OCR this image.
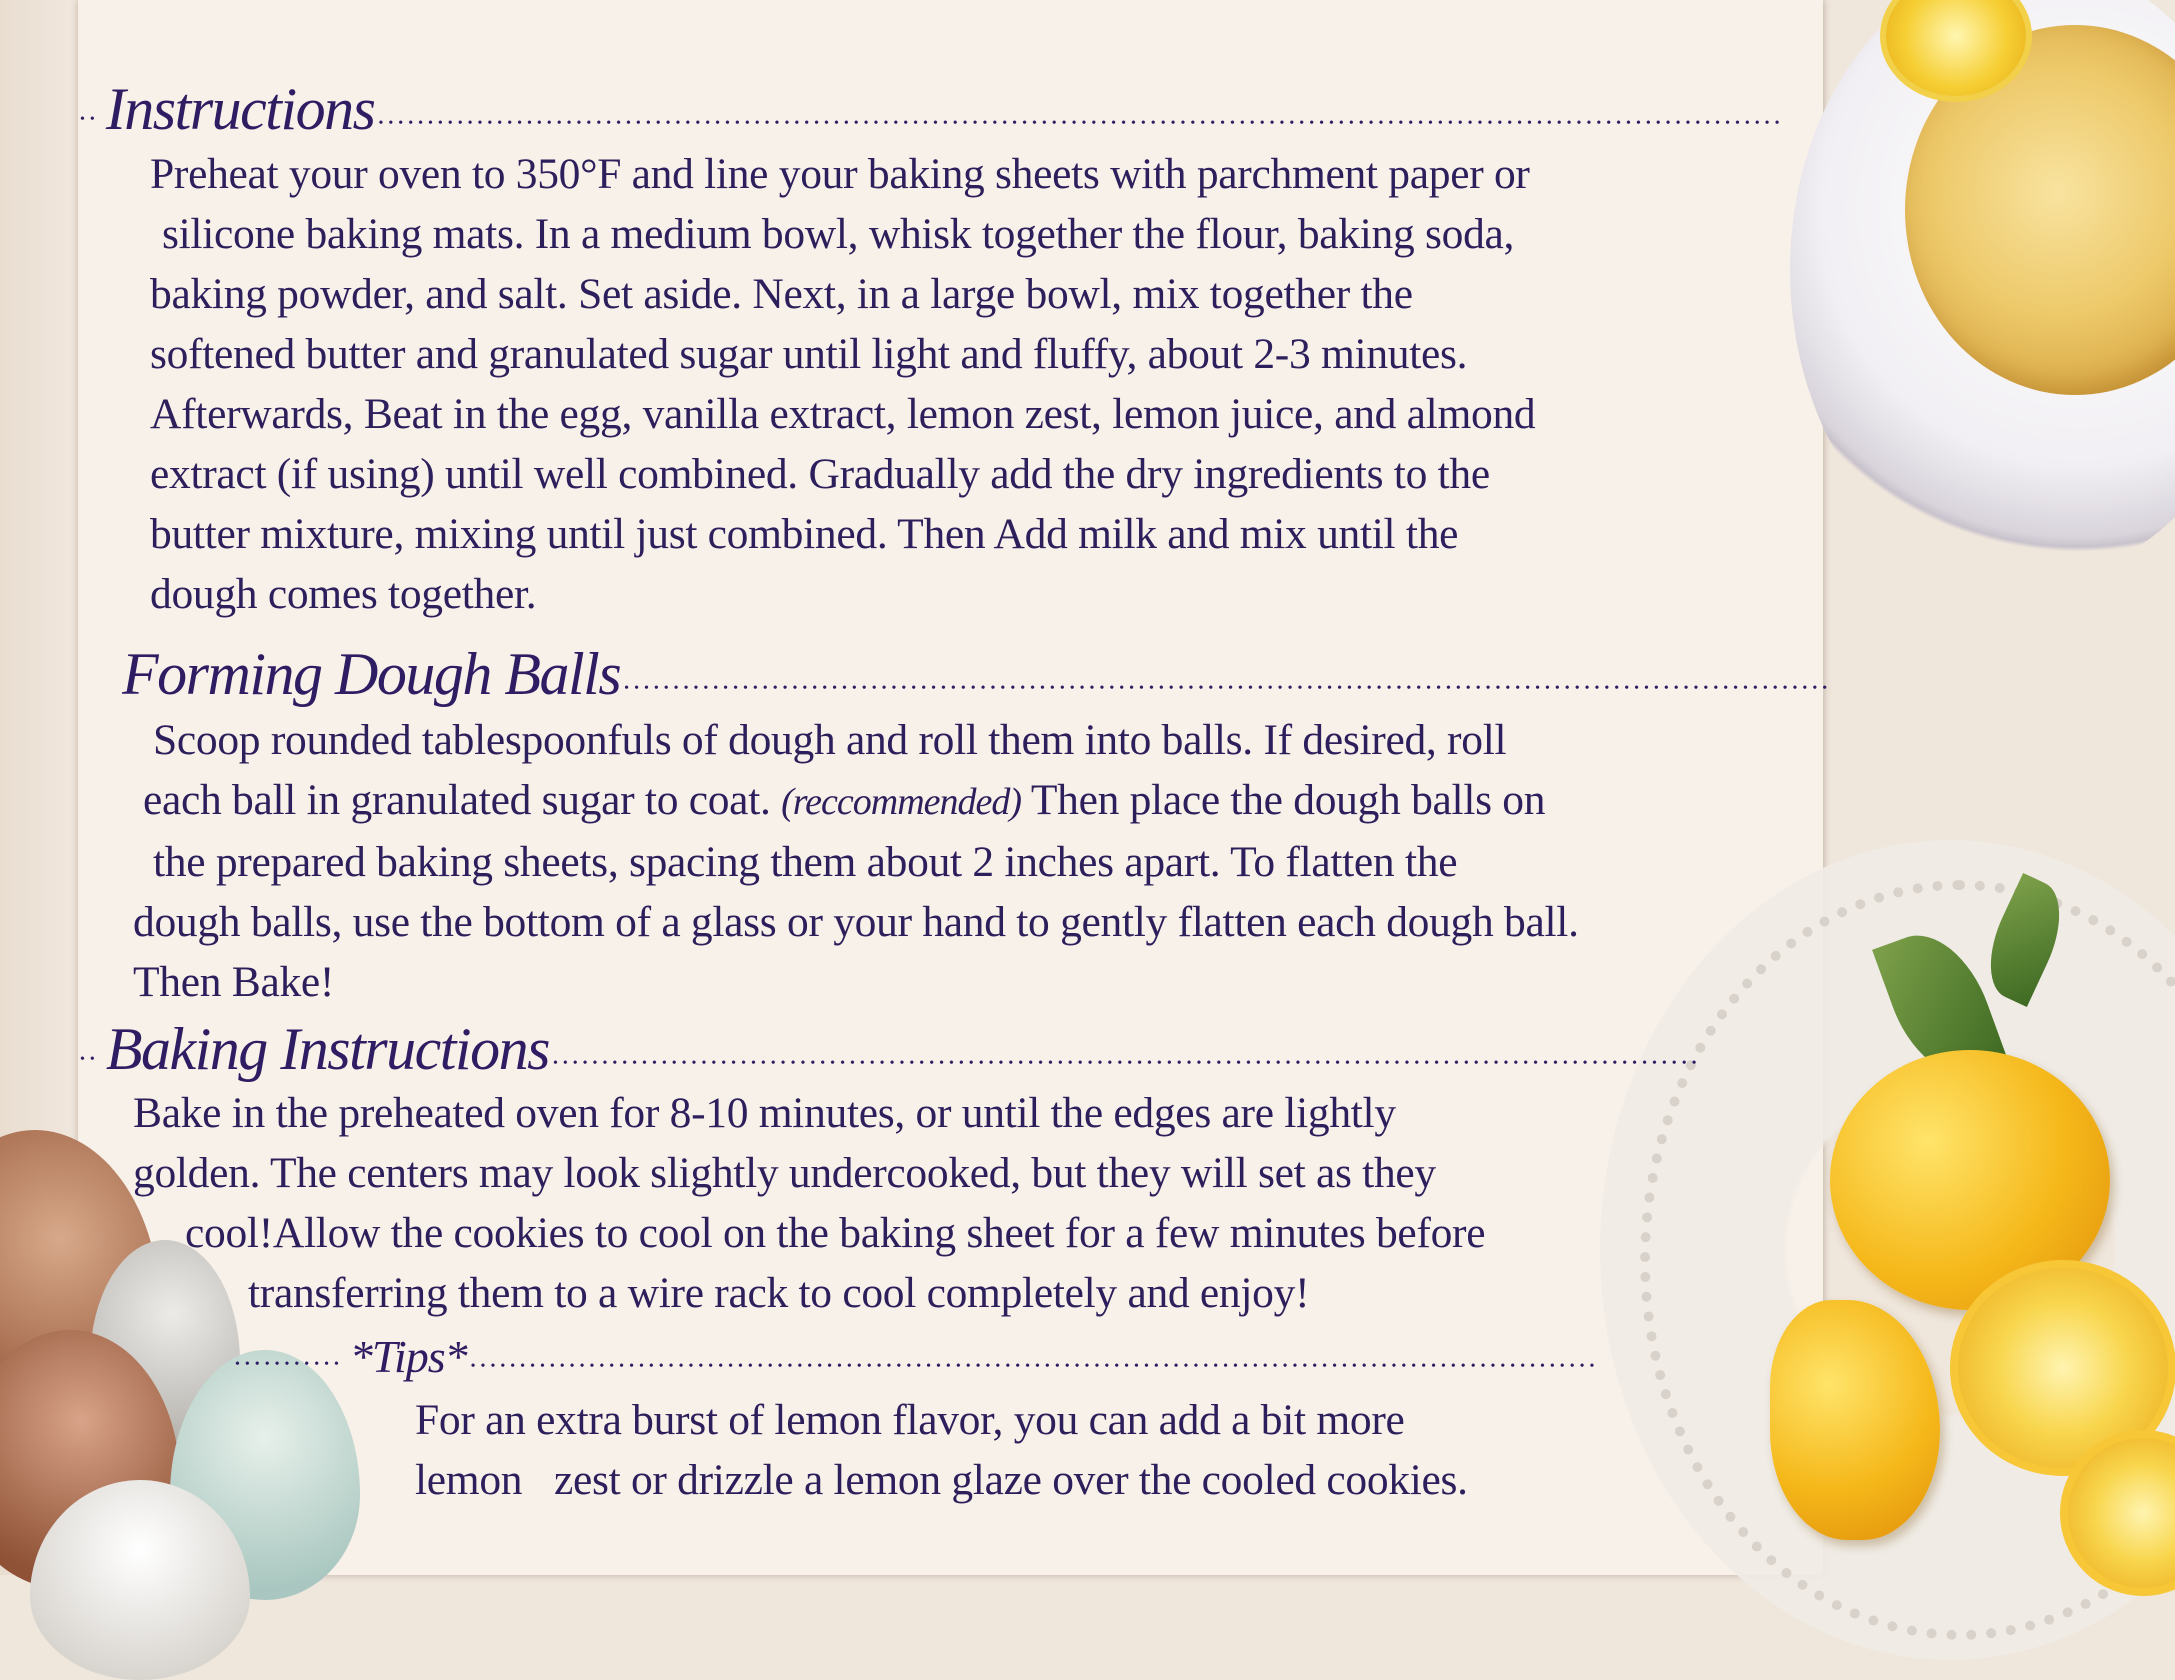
•• Instructions
•••••
Preheat your oven to 350°F and line your baking sheets with parchment paper or
silicone baking mats. In a medium bowl, whisk together the flour, baking soda,
baking powder, and salt. Set aside. Next, in a large bowl, mix together the
softened butter and granulated sugar until light and fluffy, about 2-3 minutes.
Afterwards, Beat in the egg, vanilla extract, lemon zest, lemon juice, and almond
extract (if using) until well combined. Gradually add the dry ingredients to the
butter mixture, mixing until just combined. Then Add milk and mix until the
dough comes together.
Forming Dough Balls
•••••
Scoop rounded tablespoonfuls of dough and roll them into balls. If desired, roll
each ball in granulated sugar to coat. (reccommended) Then place the dough balls on
the prepared baking sheets, spacing them about 2 inches apart. To flatten the
dough balls, use the bottom of a glass or your hand to gently flatten each dough ball.
Then Bake!
•• Baking Instructions
•••••
Bake in the preheated oven for 8-10 minutes, or until the edges are lightly
golden. The centers may look slightly undercooked, but they will set as they
cool!Allow the cookies to cool on the baking sheet for a few minutes before
transferring them to a wire rack to cool completely and enjoy!
••••••••••• *Tips*
•••••
For an extra burst of lemon flavor, you can add a bit more
lemon   zest or drizzle a lemon glaze over the cooled cookies.
